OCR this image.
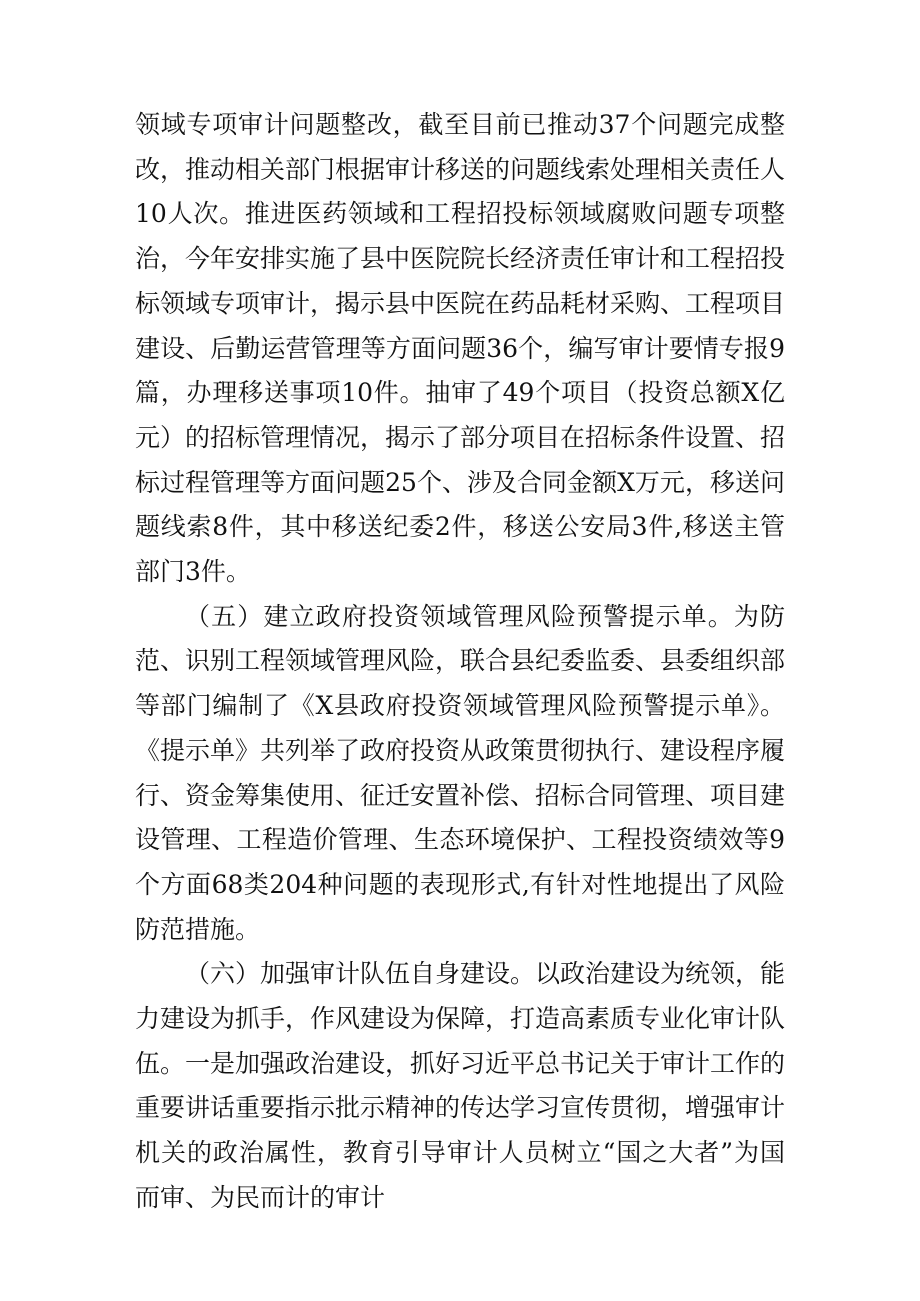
领域专项审计问题整改，截至目前已推动37个问题完成整改，推动相关部门根据审计移送的问题线索处理相关责任人10人次。推进医药领域和工程招投标领域腐败问题专项整治，今年安排实施了县中医院院长经济责任审计和工程招投标领域专项审计，揭示县中医院在药品耗材采购、工程项目建设、后勤运营管理等方面问题36个，编写审计要情专报9篇，办理移送事项10件。抽审了49个项目（投资总额X亿元）的招标管理情况，揭示了部分项目在招标条件设置、招标过程管理等方面问题25个、涉及合同金额X万元，移送问题线索8件，其中移送纪委2件，移送公安局3件,移送主管部门3件。

（五）建立政府投资领域管理风险预警提示单。为防范、识别工程领域管理风险，联合县纪委监委、县委组织部等部门编制了《X县政府投资领域管理风险预警提示单》。《提示单》共列举了政府投资从政策贯彻执行、建设程序履行、资金筹集使用、征迁安置补偿、招标合同管理、项目建设管理、工程造价管理、生态环境保护、工程投资绩效等9个方面68类204种问题的表现形式,有针对性地提出了风险防范措施。

（六）加强审计队伍自身建设。以政治建设为统领，能力建设为抓手，作风建设为保障，打造高素质专业化审计队伍。一是加强政治建设，抓好习近平总书记关于审计工作的重要讲话重要指示批示精神的传达学习宣传贯彻，增强审计机关的政治属性，教育引导审计人员树立“国之大者”为国而审、为民而计的审计
